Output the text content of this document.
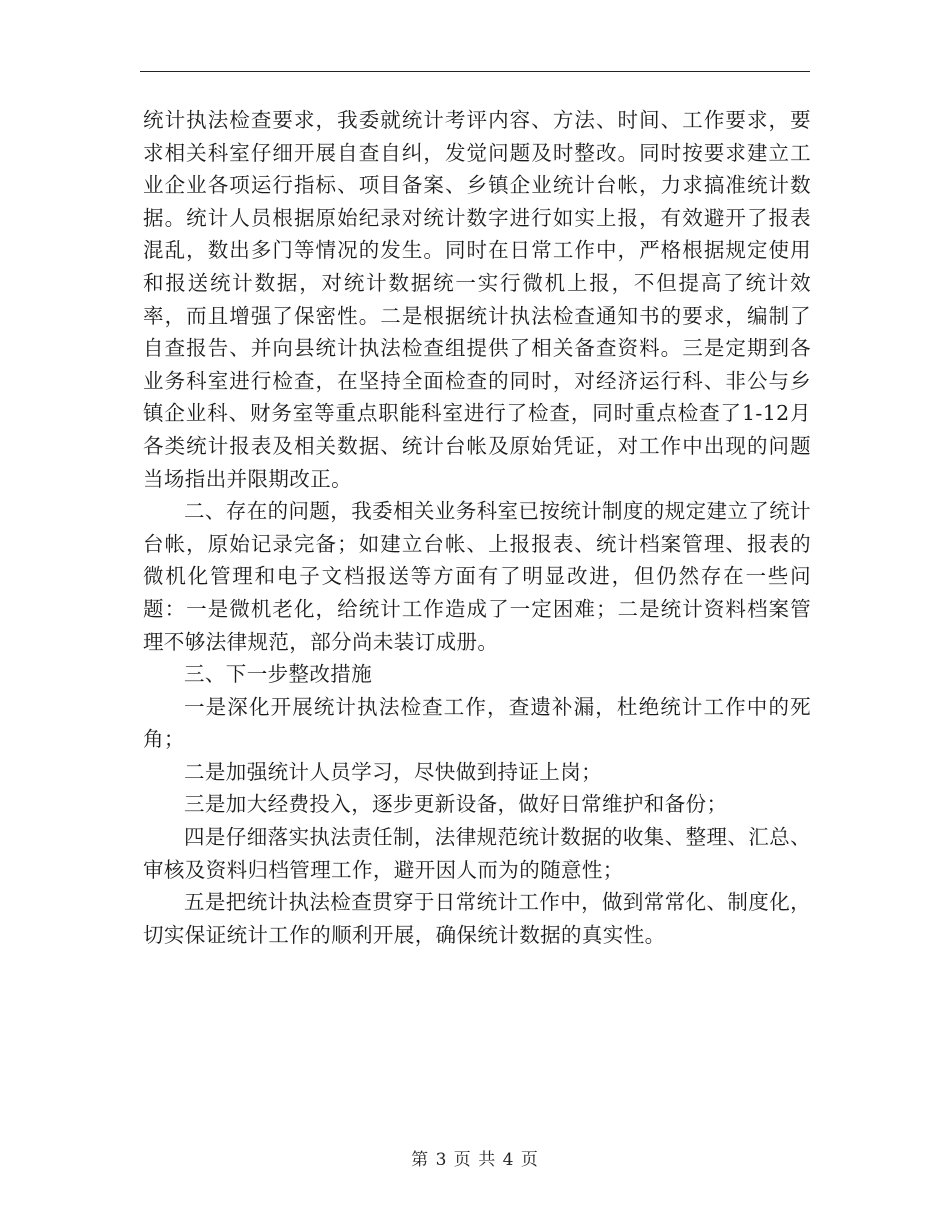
统计执法检查要求，我委就统计考评内容、方法、时间、工作要求，要求相关科室仔细开展自查自纠，发觉问题及时整改。同时按要求建立工业企业各项运行指标、项目备案、乡镇企业统计台帐，力求搞准统计数据。统计人员根据原始纪录对统计数字进行如实上报，有效避开了报表混乱，数出多门等情况的发生。同时在日常工作中，严格根据规定使用和报送统计数据，对统计数据统一实行微机上报，不但提高了统计效率，而且增强了保密性。二是根据统计执法检查通知书的要求，编制了自查报告、并向县统计执法检查组提供了相关备查资料。三是定期到各业务科室进行检查，在坚持全面检查的同时，对经济运行科、非公与乡镇企业科、财务室等重点职能科室进行了检查，同时重点检查了1-12月各类统计报表及相关数据、统计台帐及原始凭证，对工作中出现的问题当场指出并限期改正。

二、存在的问题，我委相关业务科室已按统计制度的规定建立了统计台帐，原始记录完备；如建立台帐、上报报表、统计档案管理、报表的微机化管理和电子文档报送等方面有了明显改进，但仍然存在一些问题：一是微机老化，给统计工作造成了一定困难；二是统计资料档案管理不够法律规范，部分尚未装订成册。

三、下一步整改措施

一是深化开展统计执法检查工作，查遗补漏，杜绝统计工作中的死角；

二是加强统计人员学习，尽快做到持证上岗；

三是加大经费投入，逐步更新设备，做好日常维护和备份；

四是仔细落实执法责任制，法律规范统计数据的收集、整理、汇总、审核及资料归档管理工作，避开因人而为的随意性；

五是把统计执法检查贯穿于日常统计工作中，做到常常化、制度化，切实保证统计工作的顺利开展，确保统计数据的真实性。

第 3 页 共 4 页
